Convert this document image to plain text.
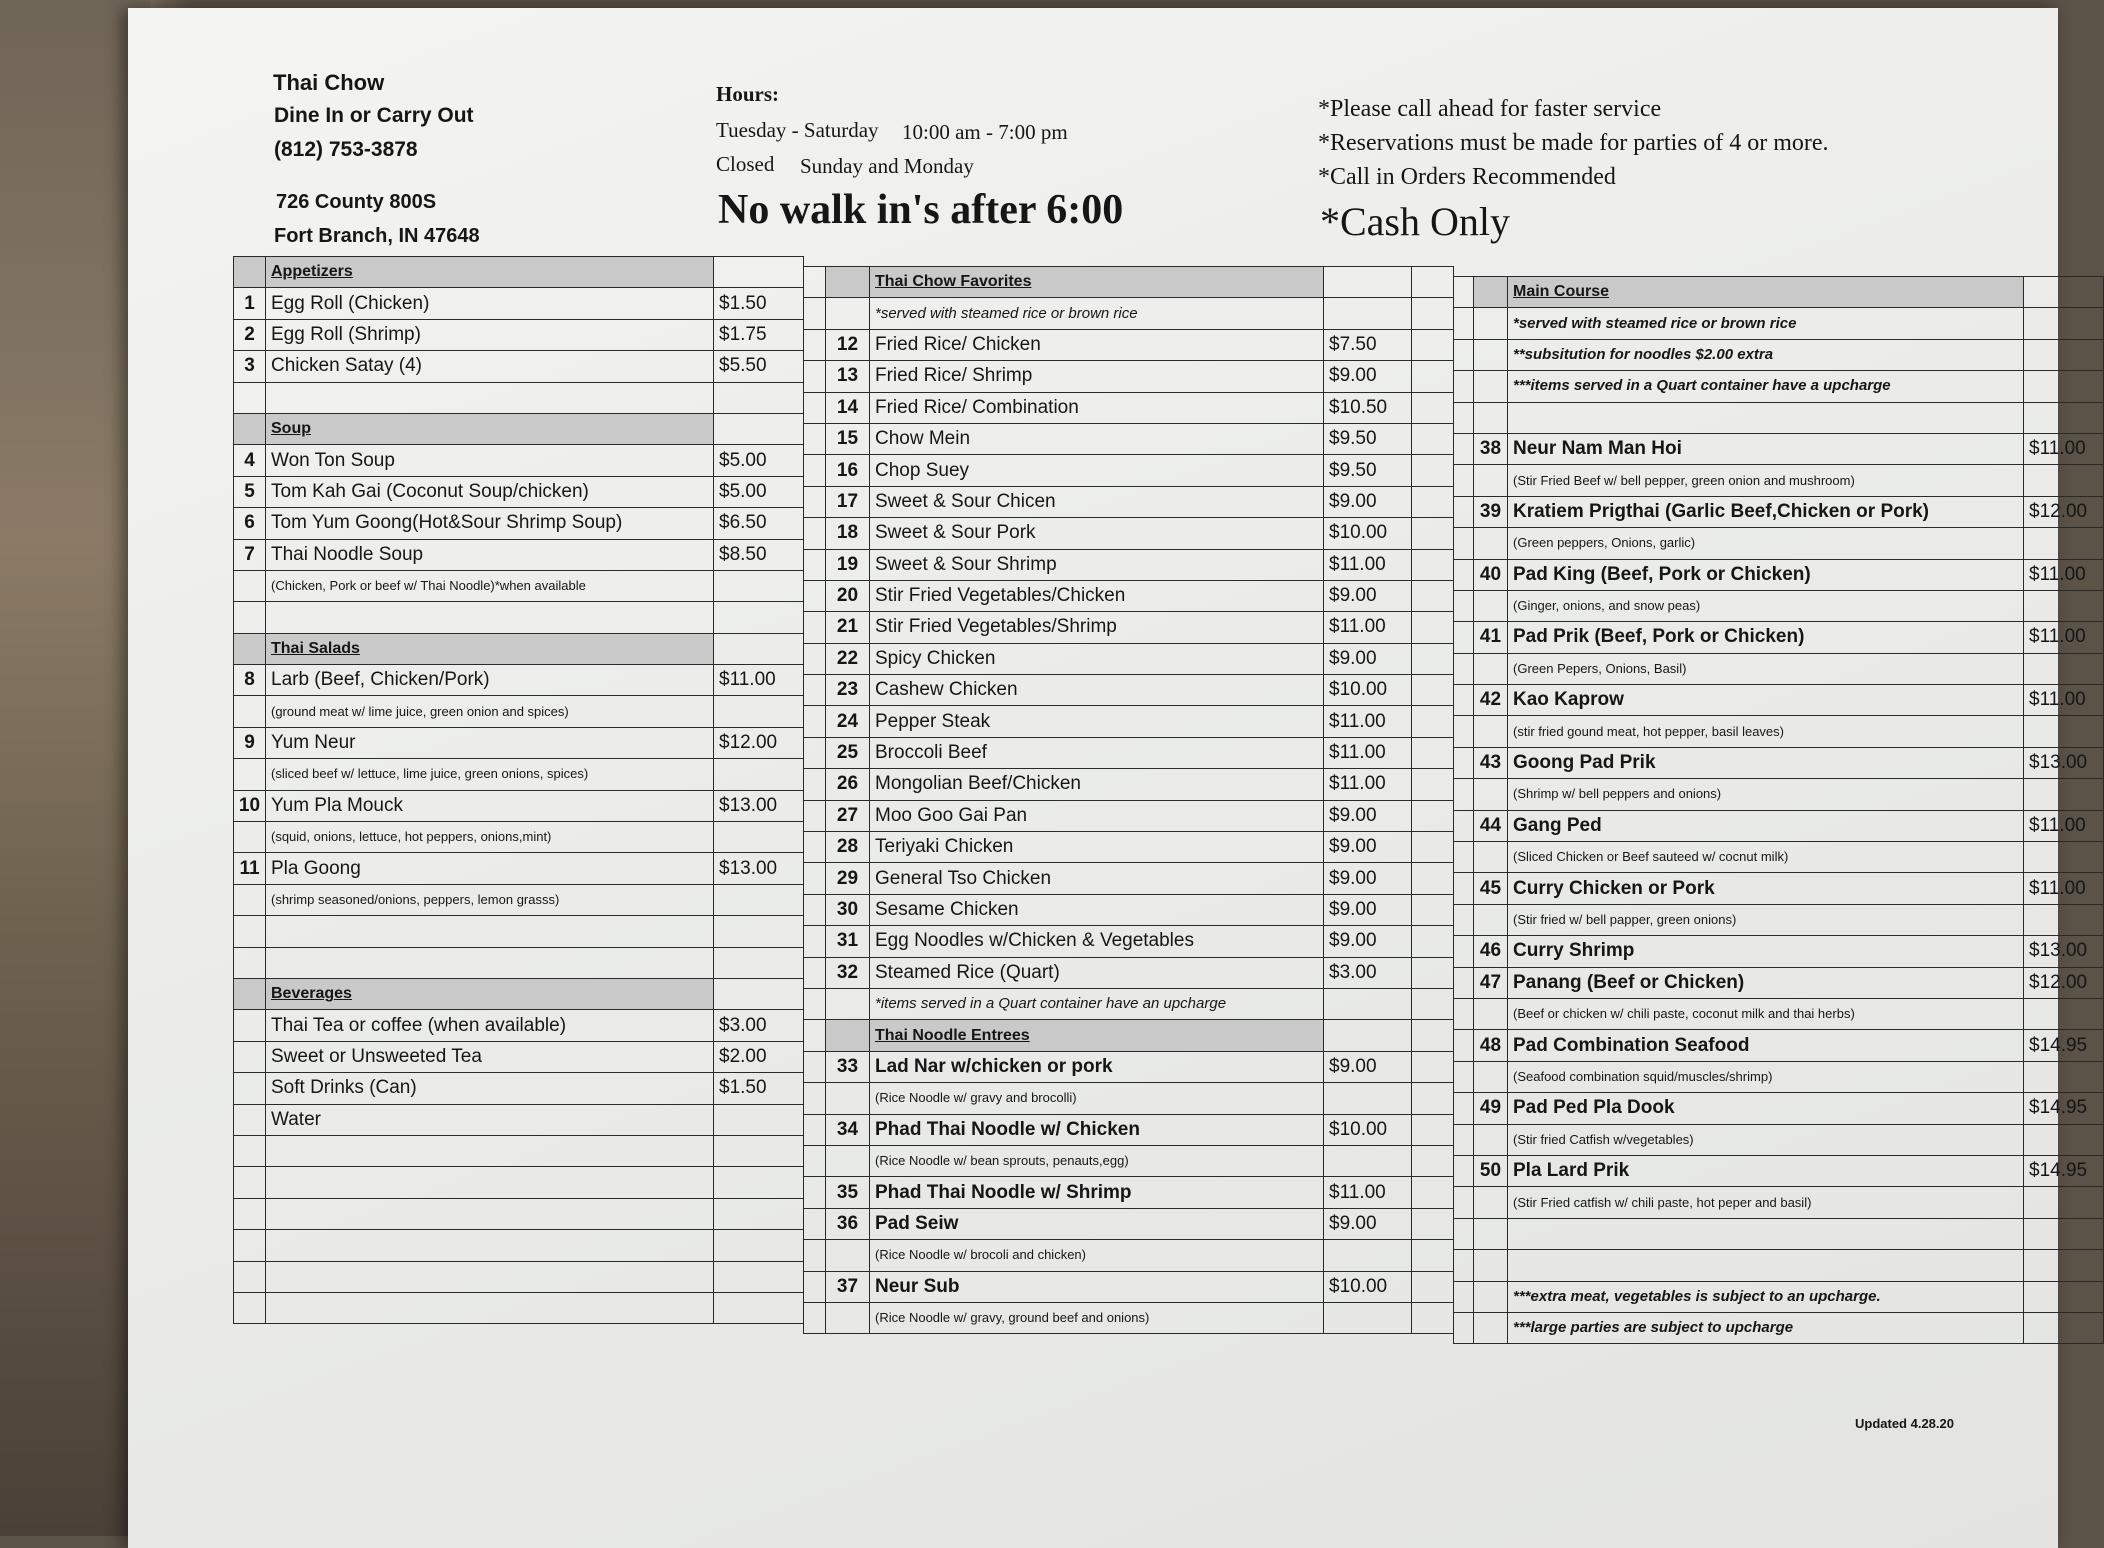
Thai Chow
Dine In or Carry Out
(812) 753-3878
726 County 800S
Fort Branch, IN 47648
Hours:
Tuesday - Saturday 10:00 am - 7:00 pm
Closed Sunday and Monday
No walk in's after 6:00
*Please call ahead for faster service
*Reservations must be made for parties of 4 or more.
*Call in Orders Recommended
*Cash Only
	Appetizers	
1	Egg Roll (Chicken)	$1.50
2	Egg Roll (Shrimp)	$1.75
3	Chicken Satay (4)	$5.50

	Soup	
4	Won Ton Soup	$5.00
5	Tom Kah Gai (Coconut Soup/chicken)	$5.00
6	Tom Yum Goong(Hot&Sour Shrimp Soup)	$6.50
7	Thai Noodle Soup	$8.50
	(Chicken, Pork or beef w/ Thai Noodle)*when available	

	Thai Salads	
8	Larb (Beef, Chicken/Pork)	$11.00
	(ground meat w/ lime juice, green onion and spices)	
9	Yum Neur	$12.00
	(sliced beef w/ lettuce, lime juice, green onions, spices)	
10	Yum Pla Mouck	$13.00
	(squid, onions, lettuce, hot peppers, onions,mint)	
11	Pla Goong	$13.00
	(shrimp seasoned/onions, peppers, lemon grasss)	

	Beverages	
	Thai Tea or coffee (when available)	$3.00
	Sweet or Unsweeted Tea	$2.00
	Soft Drinks (Can)	$1.50
	Water	

		Thai Chow Favorites		
		*served with steamed rice or brown rice		
	12	Fried Rice/ Chicken	$7.50	
	13	Fried Rice/ Shrimp	$9.00	
	14	Fried Rice/ Combination	$10.50	
	15	Chow Mein	$9.50	
	16	Chop Suey	$9.50	
	17	Sweet & Sour Chicen	$9.00	
	18	Sweet & Sour Pork	$10.00	
	19	Sweet & Sour Shrimp	$11.00	
	20	Stir Fried Vegetables/Chicken	$9.00	
	21	Stir Fried Vegetables/Shrimp	$11.00	
	22	Spicy Chicken	$9.00	
	23	Cashew Chicken	$10.00	
	24	Pepper Steak	$11.00	
	25	Broccoli Beef	$11.00	
	26	Mongolian Beef/Chicken	$11.00	
	27	Moo Goo Gai Pan	$9.00	
	28	Teriyaki Chicken	$9.00	
	29	General Tso Chicken	$9.00	
	30	Sesame Chicken	$9.00	
	31	Egg Noodles w/Chicken & Vegetables	$9.00	
	32	Steamed Rice (Quart)	$3.00	
		*items served in a Quart container have an upcharge		
		Thai Noodle Entrees		
	33	Lad Nar w/chicken or pork	$9.00	
		(Rice Noodle w/ gravy and brocolli)		
	34	Phad Thai Noodle w/ Chicken	$10.00	
		(Rice Noodle w/ bean sprouts, penauts,egg)		
	35	Phad Thai Noodle w/ Shrimp	$11.00	
	36	Pad Seiw	$9.00	
		(Rice Noodle w/ brocoli and chicken)		
	37	Neur Sub	$10.00	
		(Rice Noodle w/ gravy, ground beef and onions)		
		Main Course	
		*served with steamed rice or brown rice	
		**subsitution for noodles $2.00 extra	
		***items served in a Quart container have a upcharge	

	38	Neur Nam Man Hoi	$11.00
		(Stir Fried Beef w/ bell pepper, green onion and mushroom)	
	39	Kratiem Prigthai (Garlic Beef,Chicken or Pork)	$12.00
		(Green peppers, Onions, garlic)	
	40	Pad King (Beef, Pork or Chicken)	$11.00
		(Ginger, onions, and snow peas)	
	41	Pad Prik (Beef, Pork or Chicken)	$11.00
		(Green Pepers, Onions, Basil)	
	42	Kao Kaprow	$11.00
		(stir fried gound meat, hot pepper, basil leaves)	
	43	Goong Pad Prik	$13.00
		(Shrimp w/ bell peppers and onions)	
	44	Gang Ped	$11.00
		(Sliced Chicken or Beef sauteed w/ cocnut milk)	
	45	Curry Chicken or Pork	$11.00
		(Stir fried w/ bell papper, green onions)	
	46	Curry Shrimp	$13.00
	47	Panang (Beef or Chicken)	$12.00
		(Beef or chicken w/ chili paste, coconut milk and thai herbs)	
	48	Pad Combination Seafood	$14.95
		(Seafood combination squid/muscles/shrimp)	
	49	Pad Ped Pla Dook	$14.95
		(Stir fried Catfish w/vegetables)	
	50	Pla Lard Prik	$14.95
		(Stir Fried catfish w/ chili paste, hot peper and basil)	

		***extra meat, vegetables is subject to an upcharge.	
		***large parties are subject to upcharge	
Updated 4.28.20
